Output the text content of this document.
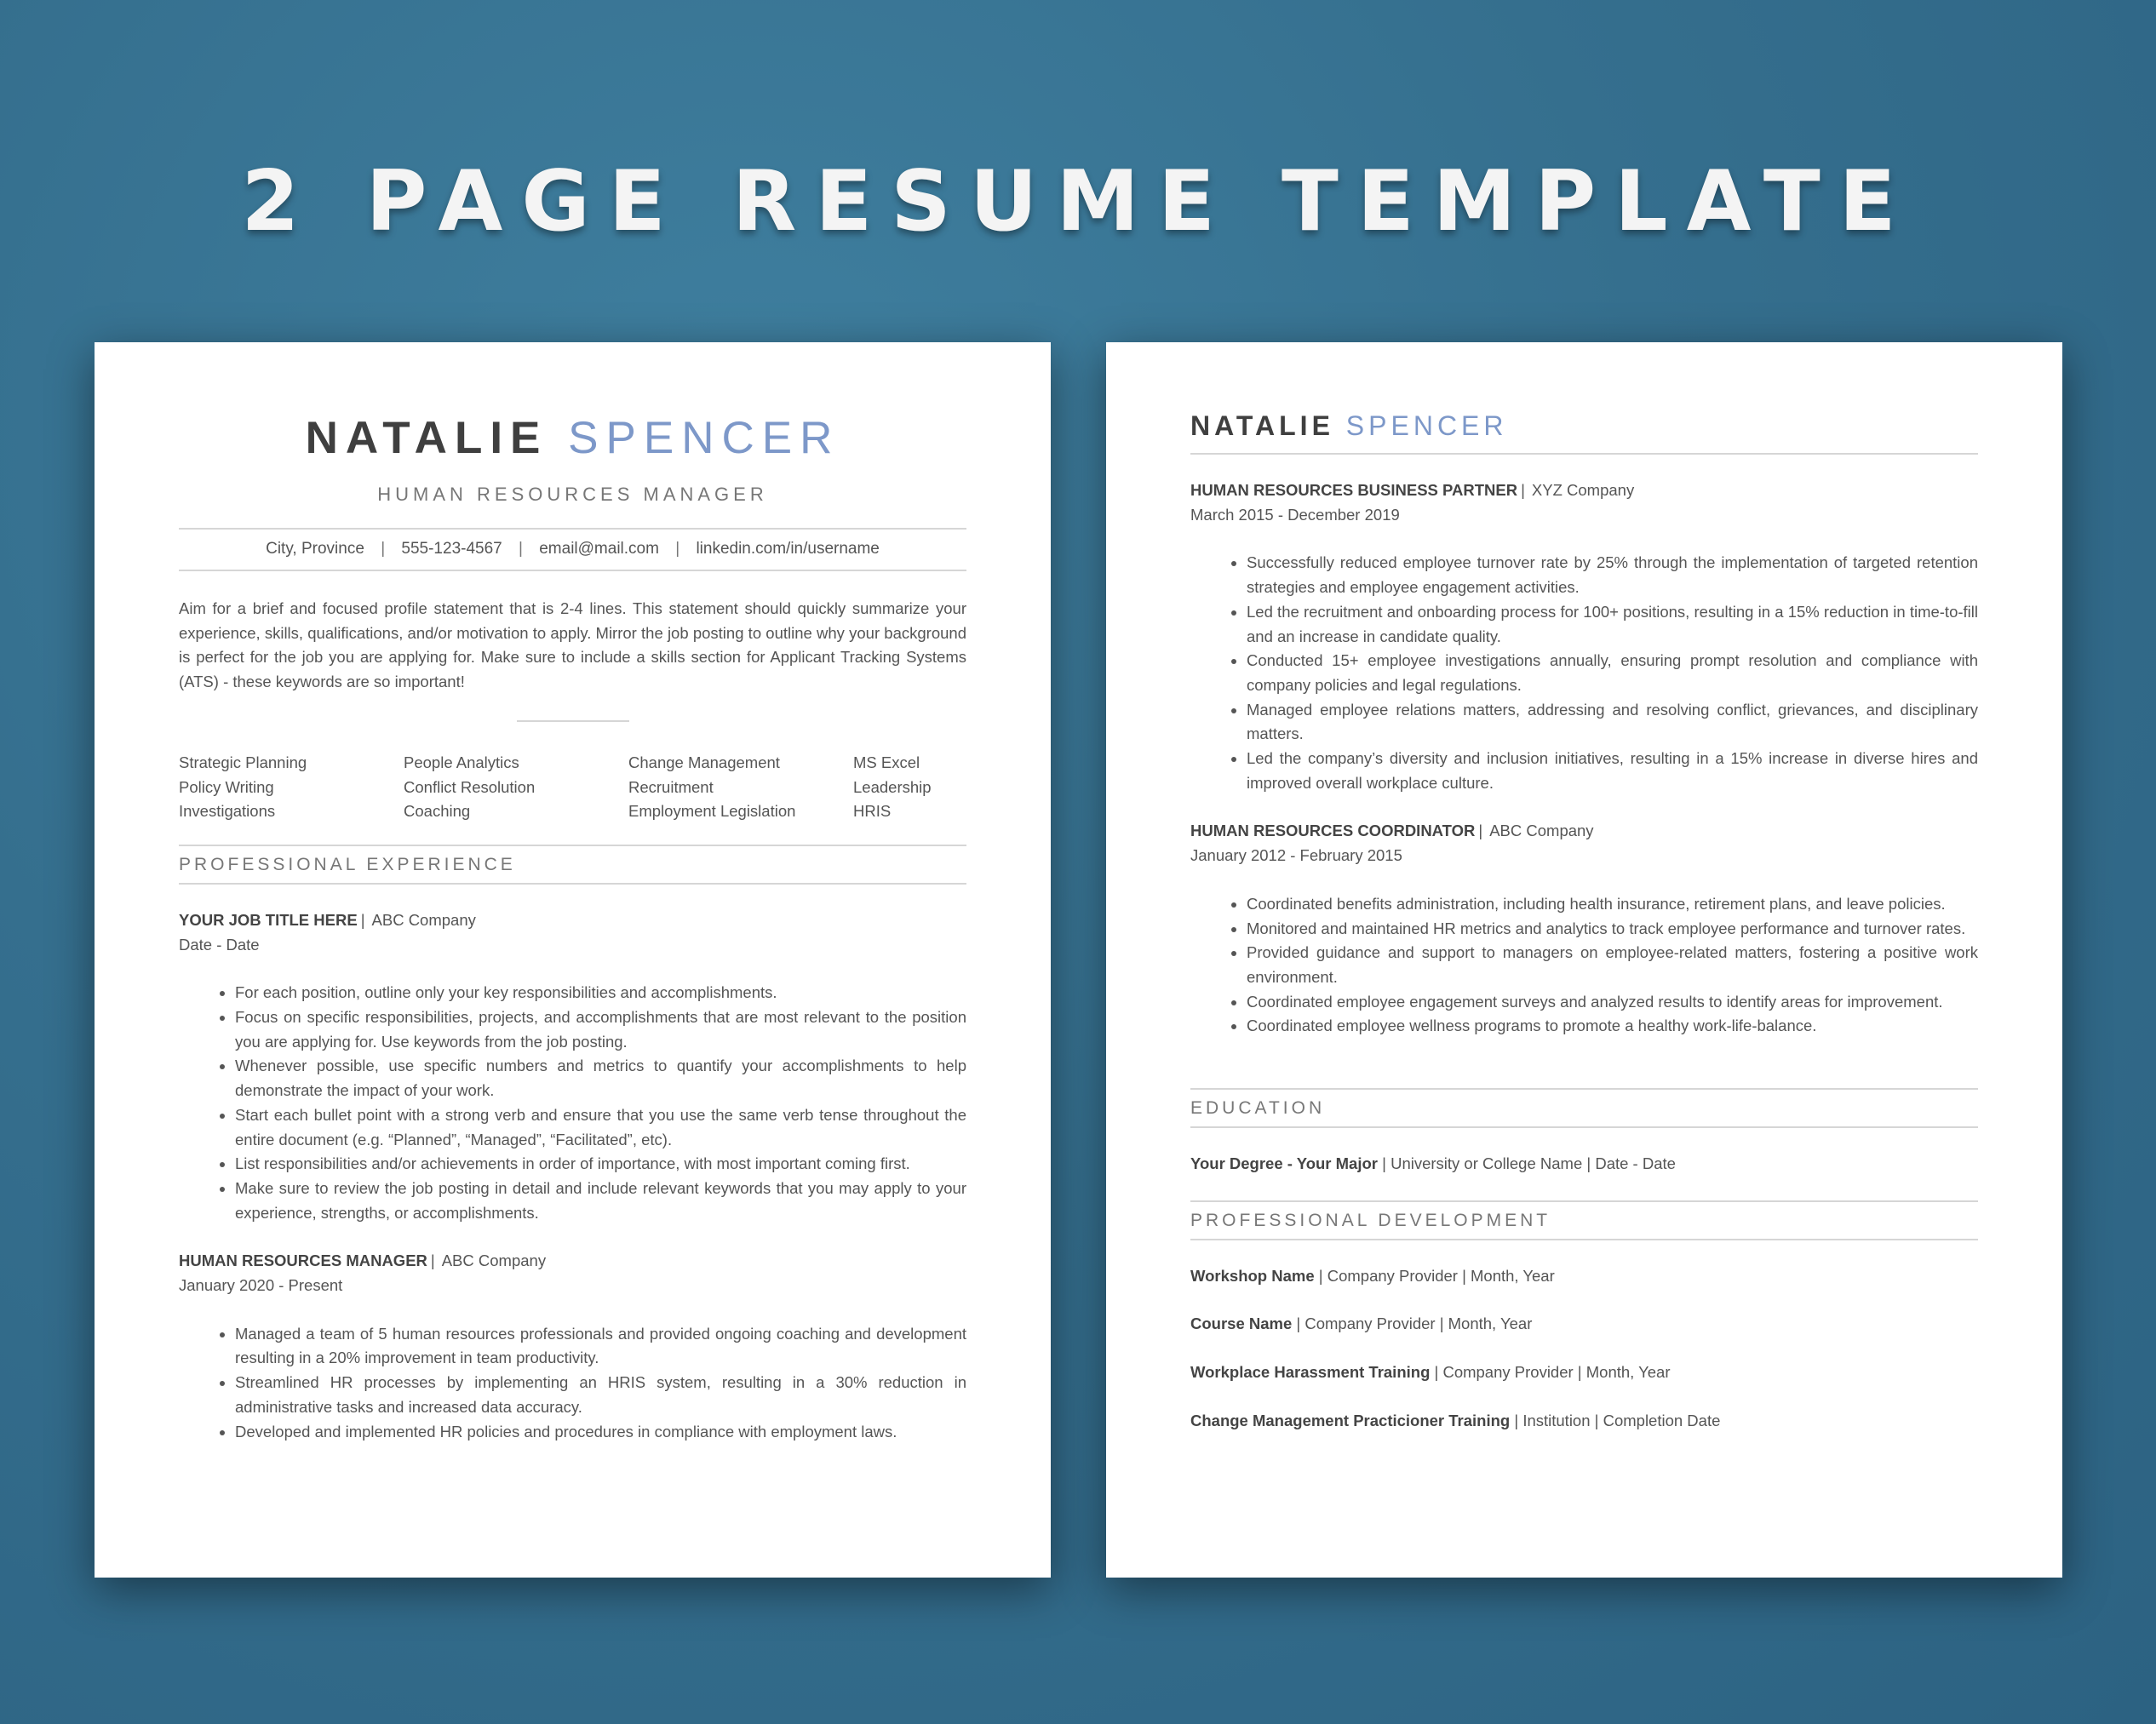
2 PAGE RESUME TEMPLATE
NATALIE SPENCER
HUMAN RESOURCES MANAGER
City, Province | 555-123-4567 | email@mail.com | linkedin.com/in/username
Aim for a brief and focused profile statement that is 2-4 lines. This statement should quickly summarize your experience, skills, qualifications, and/or motivation to apply. Mirror the job posting to outline why your background is perfect for the job you are applying for. Make sure to include a skills section for Applicant Tracking Systems (ATS) - these keywords are so important!
Strategic Planning	People Analytics	Change Management	MS Excel
Policy Writing	Conflict Resolution	Recruitment	Leadership
Investigations	Coaching	Employment Legislation	HRIS
PROFESSIONAL EXPERIENCE
YOUR JOB TITLE HERE | ABC Company
Date - Date
• For each position, outline only your key responsibilities and accomplishments.
• Focus on specific responsibilities, projects, and accomplishments that are most relevant to the position you are applying for. Use keywords from the job posting.
• Whenever possible, use specific numbers and metrics to quantify your accomplishments to help demonstrate the impact of your work.
• Start each bullet point with a strong verb and ensure that you use the same verb tense throughout the entire document (e.g. “Planned”, “Managed”, “Facilitated”, etc).
• List responsibilities and/or achievements in order of importance, with most important coming first.
• Make sure to review the job posting in detail and include relevant keywords that you may apply to your experience, strengths, or accomplishments.
HUMAN RESOURCES MANAGER | ABC Company
January 2020 - Present
• Managed a team of 5 human resources professionals and provided ongoing coaching and development resulting in a 20% improvement in team productivity.
• Streamlined HR processes by implementing an HRIS system, resulting in a 30% reduction in administrative tasks and increased data accuracy.
• Developed and implemented HR policies and procedures in compliance with employment laws.
NATALIE SPENCER
HUMAN RESOURCES BUSINESS PARTNER | XYZ Company
March 2015 - December 2019
• Successfully reduced employee turnover rate by 25% through the implementation of targeted retention strategies and employee engagement activities.
• Led the recruitment and onboarding process for 100+ positions, resulting in a 15% reduction in time-to-fill and an increase in candidate quality.
• Conducted 15+ employee investigations annually, ensuring prompt resolution and compliance with company policies and legal regulations.
• Managed employee relations matters, addressing and resolving conflict, grievances, and disciplinary matters.
• Led the company’s diversity and inclusion initiatives, resulting in a 15% increase in diverse hires and improved overall workplace culture.
HUMAN RESOURCES COORDINATOR | ABC Company
January 2012 - February 2015
• Coordinated benefits administration, including health insurance, retirement plans, and leave policies.
• Monitored and maintained HR metrics and analytics to track employee performance and turnover rates.
• Provided guidance and support to managers on employee-related matters, fostering a positive work environment.
• Coordinated employee engagement surveys and analyzed results to identify areas for improvement.
• Coordinated employee wellness programs to promote a healthy work-life-balance.
EDUCATION
Your Degree - Your Major | University or College Name | Date - Date
PROFESSIONAL DEVELOPMENT
Workshop Name | Company Provider | Month, Year
Course Name | Company Provider | Month, Year
Workplace Harassment Training | Company Provider | Month, Year
Change Management Practicioner Training | Institution | Completion Date
